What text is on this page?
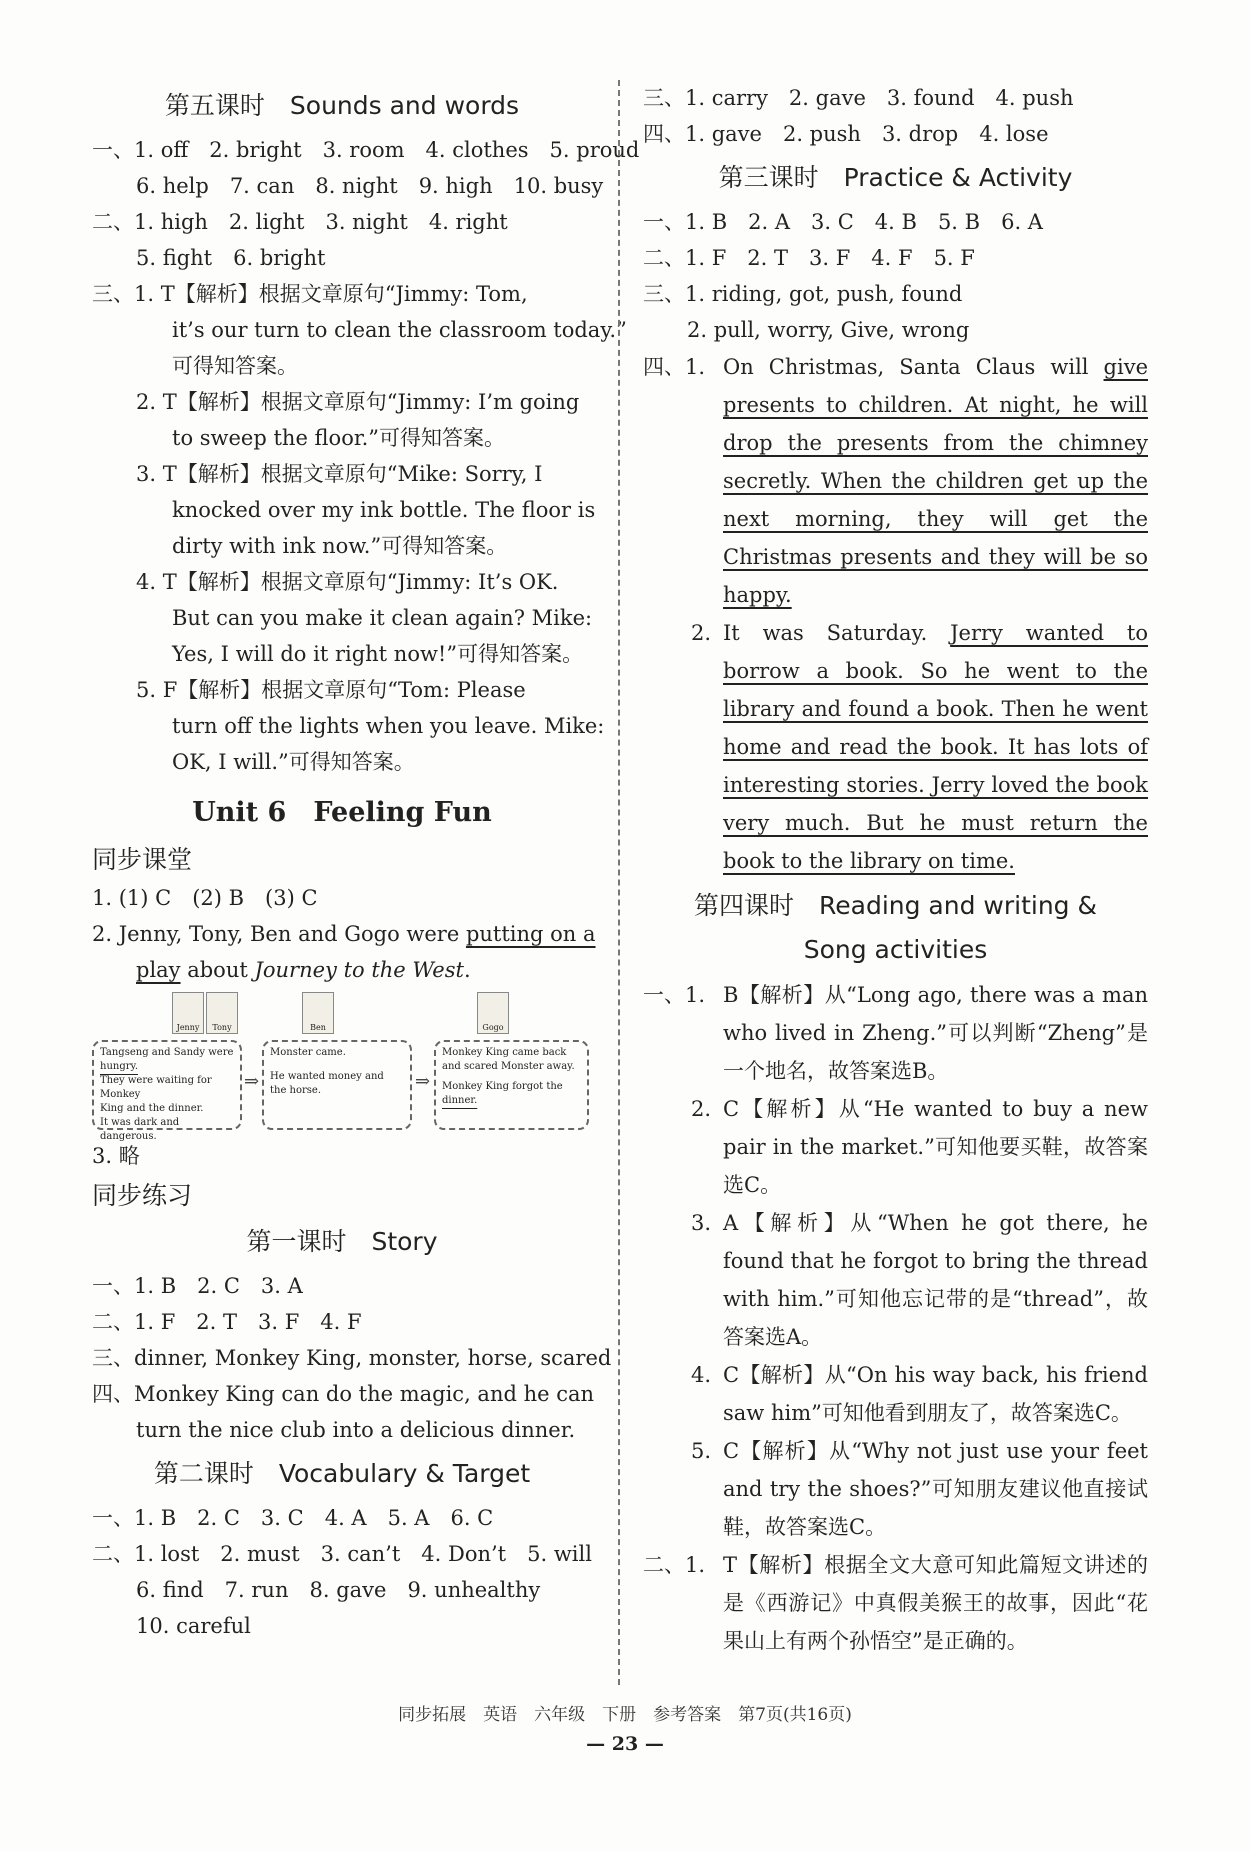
第五课时　Sounds and words
一、1. off　2. bright　3. room　4. clothes　5. proud
6. help　7. can　8. night　9. high　10. busy
二、1. high　2. light　3. night　4. right
5. fight　6. bright
三、1. T【解析】根据文章原句“Jimmy: Tom,
it’s our turn to clean the classroom today.”
可得知答案。
2. T【解析】根据文章原句“Jimmy: I’m going
to sweep the floor.”可得知答案。
3. T【解析】根据文章原句“Mike: Sorry, I
knocked over my ink bottle. The floor is
dirty with ink now.”可得知答案。
4. T【解析】根据文章原句“Jimmy: It’s OK.
But can you make it clean again? Mike:
Yes, I will do it right now!”可得知答案。
5. F【解析】根据文章原句“Tom: Please
turn off the lights when you leave. Mike:
OK, I will.”可得知答案。
Unit 6　Feeling Fun
同步课堂
1. (1) C　(2) B　(3) C
2. Jenny, Tony, Ben and Gogo were putting on a
play about Journey to the West.
Jenny	Tony	Ben	Gogo
Tangseng and Sandy were
hungry.
They were waiting for Monkey
King and the dinner.
It was dark and dangerous.
⇒
Monster came.
He wanted money and
the horse.	⇒
Monkey King came back
and scared Monster away.
Monkey King forgot the
dinner.
3. 略
同步练习
第一课时　Story
一、1. B　2. C　3. A
二、1. F　2. T　3. F　4. F
三、dinner, Monkey King, monster, horse, scared
四、Monkey King can do the magic, and he can
turn the nice club into a delicious dinner.
第二课时　Vocabulary & Target
一、1. B　2. C　3. C　4. A　5. A　6. C
二、1. lost　2. must　3. can’t　4. Don’t　5. will
6. find　7. run　8. gave　9. unhealthy
10. careful
三、1. carry　2. gave　3. found　4. push
四、1. gave　2. push　3. drop　4. lose
第三课时　Practice & Activity
一、1. B　2. A　3. C　4. B　5. B　6. A
二、1. F　2. T　3. F　4. F　5. F
三、1. riding, got, push, found
2. pull, worry, Give, wrong
四、1. On Christmas, Santa Claus will give presents to children. At night, he will drop the presents from the chimney secretly. When the children get up the next morning, they will get the Christmas presents and they will be so happy.
2. It was Saturday. Jerry wanted to borrow a book. So he went to the library and found a book. Then he went home and read the book. It has lots of interesting stories. Jerry loved the book very much. But he must return the book to the library on time.
第四课时　Reading and writing &
Song activities
一、1. B【解析】从“Long ago, there was a man who lived in Zheng.”可以判断“Zheng”是一个地名，故答案选B。
2. C【解析】从“He wanted to buy a new pair in the market.”可知他要买鞋，故答案选C。
3. A【解析】从“When he got there, he found that he forgot to bring the thread with him.”可知他忘记带的是“thread”，故答案选A。
4. C【解析】从“On his way back, his friend saw him”可知他看到朋友了，故答案选C。
5. C【解析】从“Why not just use your feet and try the shoes?”可知朋友建议他直接试鞋，故答案选C。
二、1. T【解析】根据全文大意可知此篇短文讲述的是《西游记》中真假美猴王的故事，因此“花果山上有两个孙悟空”是正确的。
同步拓展　英语　六年级　下册　参考答案　第7页(共16页)
— 23 —
